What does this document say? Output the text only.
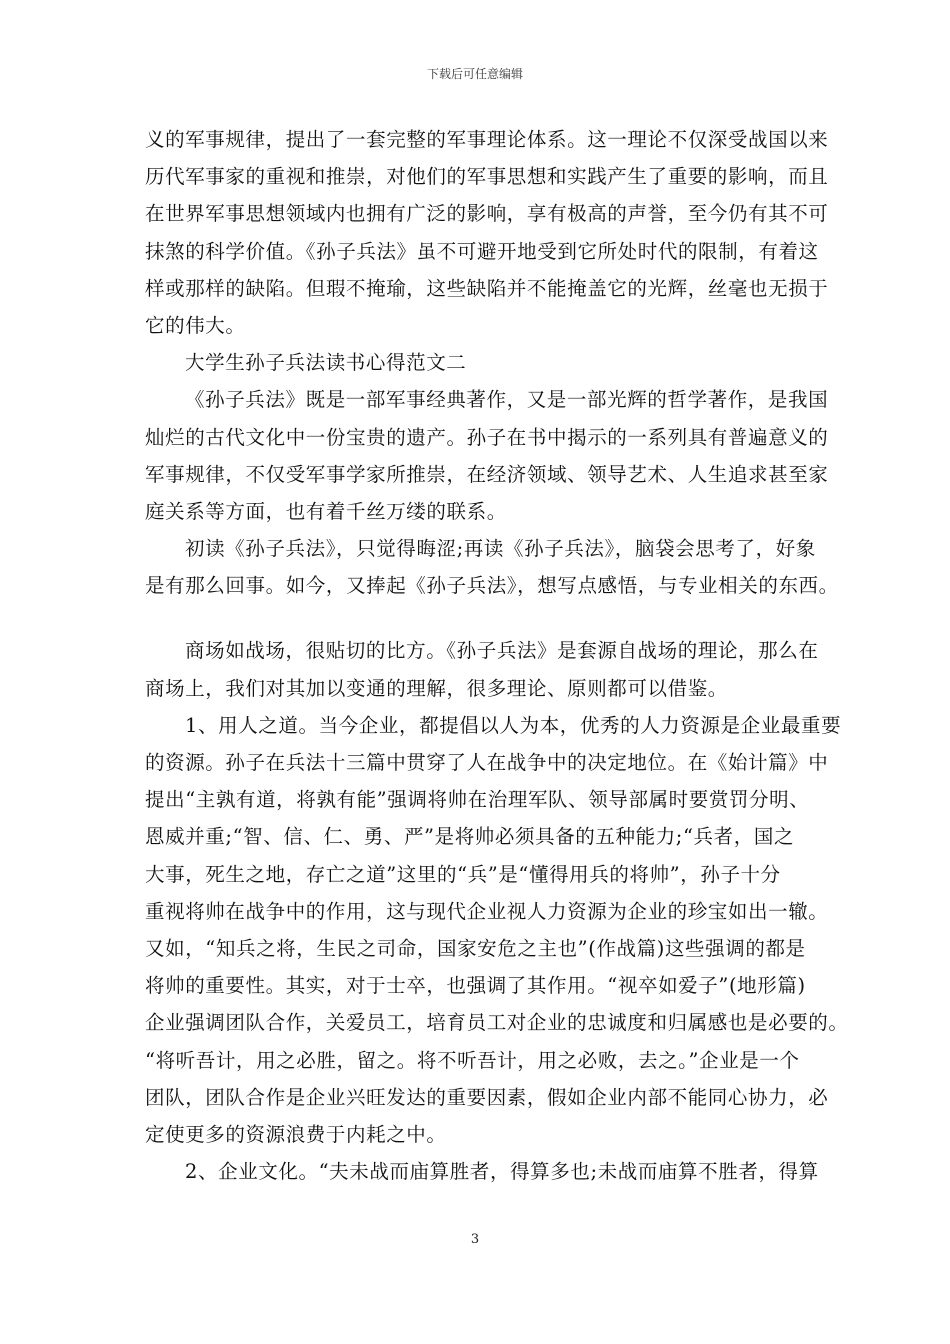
下载后可任意编辑
义的军事规律，提出了一套完整的军事理论体系。这一理论不仅深受战国以来
历代军事家的重视和推崇，对他们的军事思想和实践产生了重要的影响，而且
在世界军事思想领域内也拥有广泛的影响，享有极高的声誉，至今仍有其不可
抹煞的科学价值。《孙子兵法》虽不可避开地受到它所处时代的限制，有着这
样或那样的缺陷。但瑕不掩瑜，这些缺陷并不能掩盖它的光辉，丝毫也无损于
它的伟大。
大学生孙子兵法读书心得范文二
《孙子兵法》既是一部军事经典著作，又是一部光辉的哲学著作，是我国
灿烂的古代文化中一份宝贵的遗产。孙子在书中揭示的一系列具有普遍意义的
军事规律，不仅受军事学家所推崇，在经济领域、领导艺术、人生追求甚至家
庭关系等方面，也有着千丝万缕的联系。
初读《孙子兵法》，只觉得晦涩;再读《孙子兵法》，脑袋会思考了，好象
是有那么回事。如今，又捧起《孙子兵法》，想写点感悟，与专业相关的东西。
商场如战场，很贴切的比方。《孙子兵法》是套源自战场的理论，那么在
商场上，我们对其加以变通的理解，很多理论、原则都可以借鉴。
1、用人之道。当今企业，都提倡以人为本，优秀的人力资源是企业最重要
的资源。孙子在兵法十三篇中贯穿了人在战争中的决定地位。在《始计篇》中
提出“主孰有道，将孰有能”强调将帅在治理军队、领导部属时要赏罚分明、
恩威并重;“智、信、仁、勇、严”是将帅必须具备的五种能力;“兵者，国之
大事，死生之地，存亡之道”这里的“兵”是“懂得用兵的将帅”，孙子十分
重视将帅在战争中的作用，这与现代企业视人力资源为企业的珍宝如出一辙。
又如，“知兵之将，生民之司命，国家安危之主也”(作战篇)这些强调的都是
将帅的重要性。其实，对于士卒，也强调了其作用。“视卒如爱子”(地形篇)
企业强调团队合作，关爱员工，培育员工对企业的忠诚度和归属感也是必要的。
“将听吾计，用之必胜，留之。将不听吾计，用之必败，去之。”企业是一个
团队，团队合作是企业兴旺发达的重要因素，假如企业内部不能同心协力，必
定使更多的资源浪费于内耗之中。
2、企业文化。“夫未战而庙算胜者，得算多也;未战而庙算不胜者，得算
3
